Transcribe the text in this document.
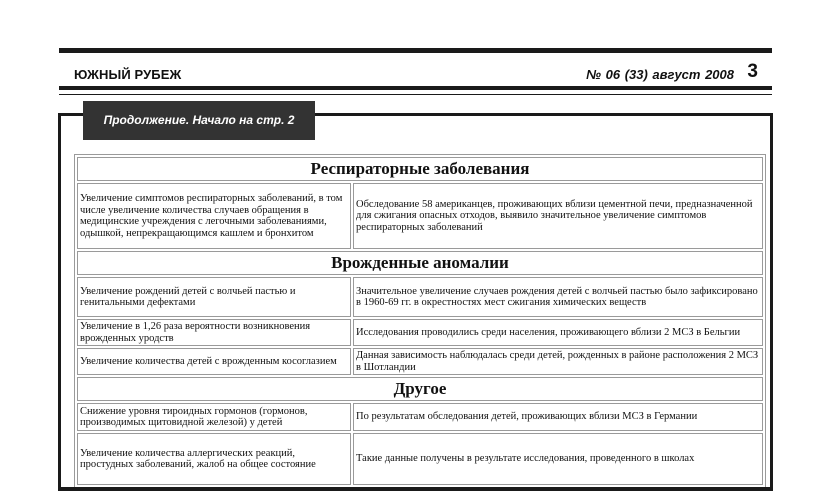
ЮЖНЫЙ РУБЕЖ	№ 06 (33) август 2008 3
Продолжение. Начало на стр. 2
Респираторные заболевания	
Увеличение симптомов респираторных заболеваний, в том числе увеличение количества случаев обращения в медицинские учреждения с легочными заболеваниями, одышкой, непрекращающимся кашлем и бронхитом	Обследование 58 американцев, проживающих вблизи цементной печи, предназначенной для сжигания опасных отходов, выявило значительное увеличение симптомов респираторных заболеваний
Врожденные аномалии	
Увеличение рождений детей с волчьей пастью и генитальными дефектами	Значительное увеличение случаев рождения детей с волчьей пастью было зафиксировано в 1960-69 гг. в окрестностях мест сжигания химических веществ
Увеличение в 1,26 раза вероятности возникновения врожденных уродств	Исследования проводились среди населения, проживающего вблизи 2 МСЗ в Бельгии
Увеличение количества детей с врожденным косоглазием	Данная зависимость наблюдалась среди детей, рожденных в районе расположения 2 МСЗ в Шотландии
Другое	
Снижение уровня тироидных гормонов (гормонов, производимых щитовидной железой) у детей	По результатам обследования детей, проживающих вблизи МСЗ в Германии
Увеличение количества аллергических реакций, простудных заболеваний, жалоб на общее состояние	Такие данные получены в результате исследования, проведенного в школах
